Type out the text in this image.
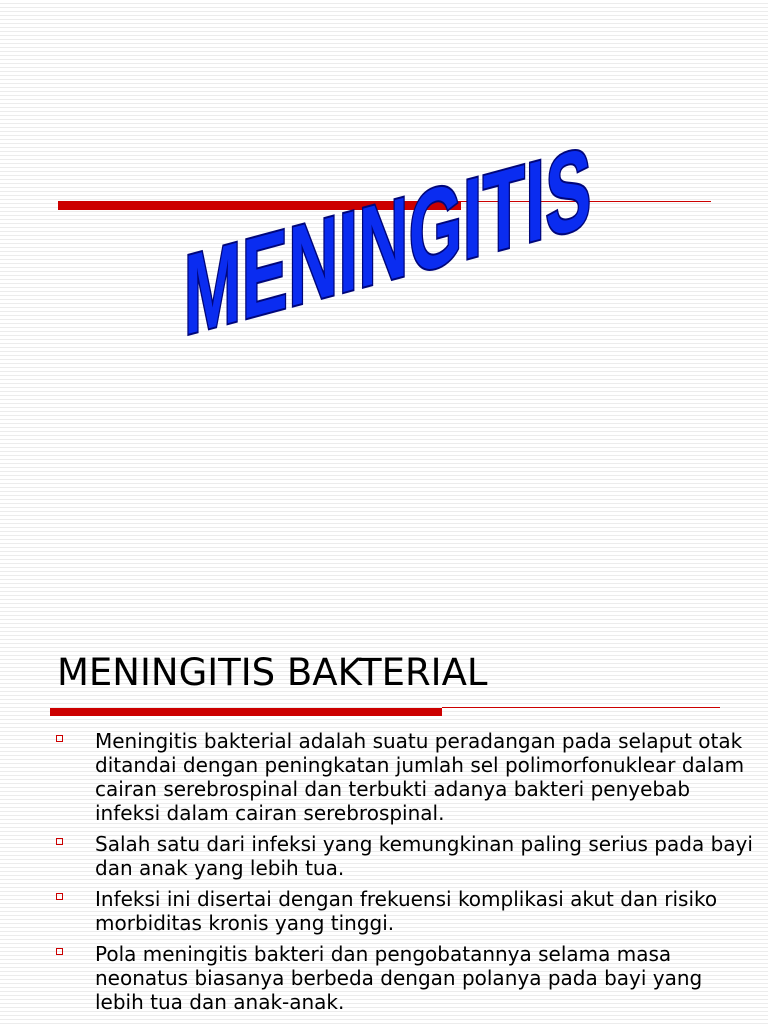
MENINGITIS
MENINGITIS BAKTERIAL
Meningitis bakterial adalah suatu peradangan pada selaput otak ditandai dengan peningkatan jumlah sel polimorfonuklear dalam cairan serebrospinal dan terbukti adanya bakteri penyebab infeksi dalam cairan serebrospinal.
Salah satu dari infeksi yang kemungkinan paling serius pada bayi dan anak yang lebih tua.
Infeksi ini disertai dengan frekuensi komplikasi akut dan risiko morbiditas kronis yang tinggi.
Pola meningitis bakteri dan pengobatannya selama masa neonatus biasanya berbeda dengan polanya pada bayi yang lebih tua dan anak-anak.
